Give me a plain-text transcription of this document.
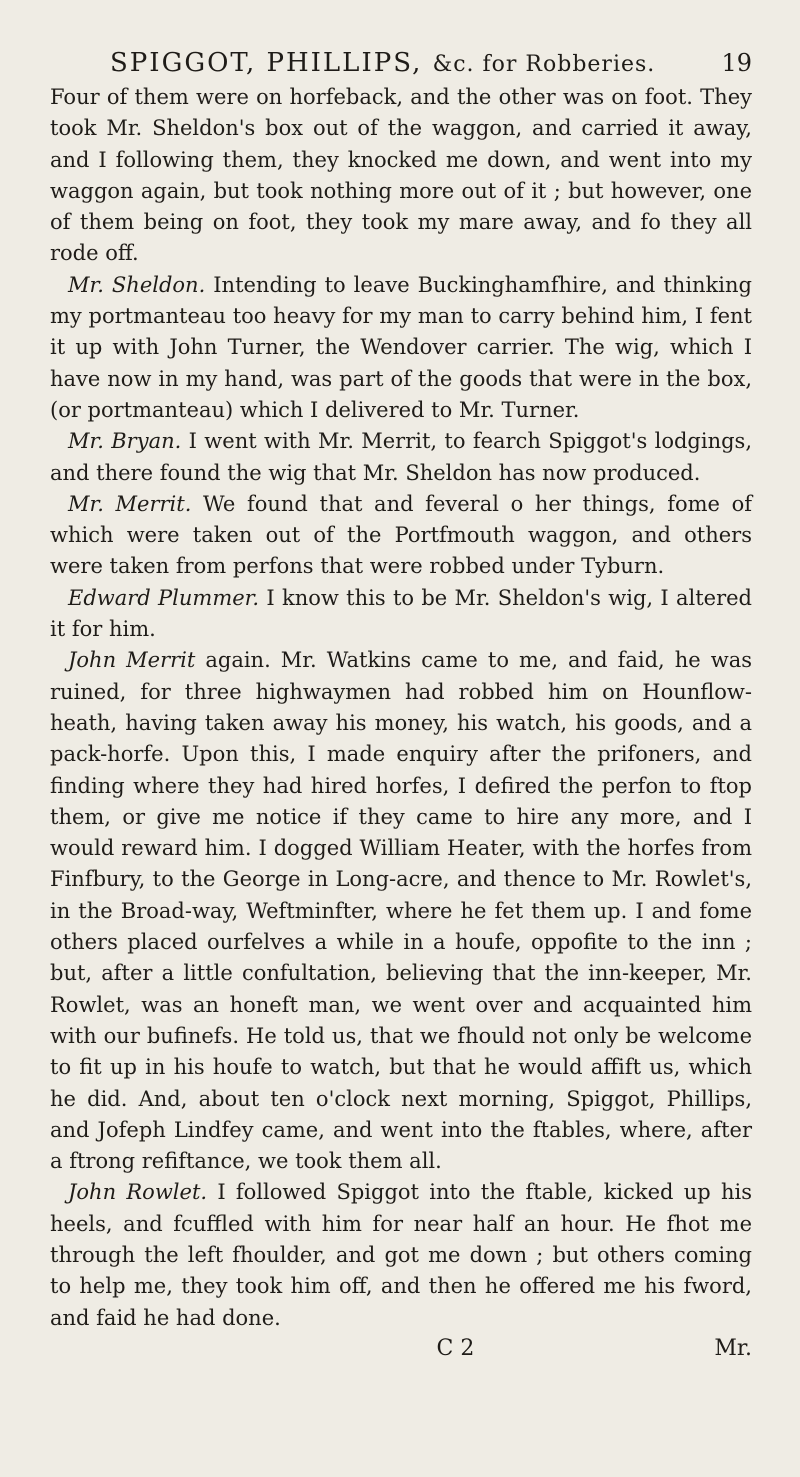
SPIGGOT, PHILLIPS, &c. for Robberies.	19

Four of them were on horfeback, and the other was on foot. They took Mr. Sheldon's box out of the waggon, and carried it away, and I following them, they knocked me down, and went into my waggon again, but took nothing more out of it ; but however, one of them being on foot, they took my mare away, and fo they all rode off.

Mr. Sheldon. Intending to leave Buckinghamfhire, and thinking my portmanteau too heavy for my man to carry behind him, I fent it up with John Turner, the Wendover carrier. The wig, which I have now in my hand, was part of the goods that were in the box, (or portmanteau) which I delivered to Mr. Turner.

Mr. Bryan. I went with Mr. Merrit, to fearch Spiggot's lodgings, and there found the wig that Mr. Sheldon has now produced.

Mr. Merrit. We found that and feveral o her things, fome of which were taken out of the Portfmouth waggon, and others were taken from perfons that were robbed under Tyburn.

Edward Plummer. I know this to be Mr. Sheldon's wig, I altered it for him.

John Merrit again. Mr. Watkins came to me, and faid, he was ruined, for three highwaymen had robbed him on Hounflow-heath, having taken away his money, his watch, his goods, and a pack-horfe. Upon this, I made enquiry after the prifoners, and finding where they had hired horfes, I defired the perfon to ftop them, or give me notice if they came to hire any more, and I would reward him. I dogged William Heater, with the horfes from Finfbury, to the George in Long-acre, and thence to Mr. Rowlet's, in the Broad-way, Weftminfter, where he fet them up. I and fome others placed ourfelves a while in a houfe, oppofite to the inn ; but, after a little confultation, believing that the inn-keeper, Mr. Rowlet, was an honeft man, we went over and acquainted him with our bufinefs. He told us, that we fhould not only be welcome to fit up in his houfe to watch, but that he would affift us, which he did. And, about ten o'clock next morning, Spiggot, Phillips, and Jofeph Lindfey came, and went into the ftables, where, after a ftrong refiftance, we took them all.

John Rowlet. I followed Spiggot into the ftable, kicked up his heels, and fcuffled with him for near half an hour. He fhot me through the left fhoulder, and got me down ; but others coming to help me, they took him off, and then he offered me his fword, and faid he had done.

C 2	Mr.
